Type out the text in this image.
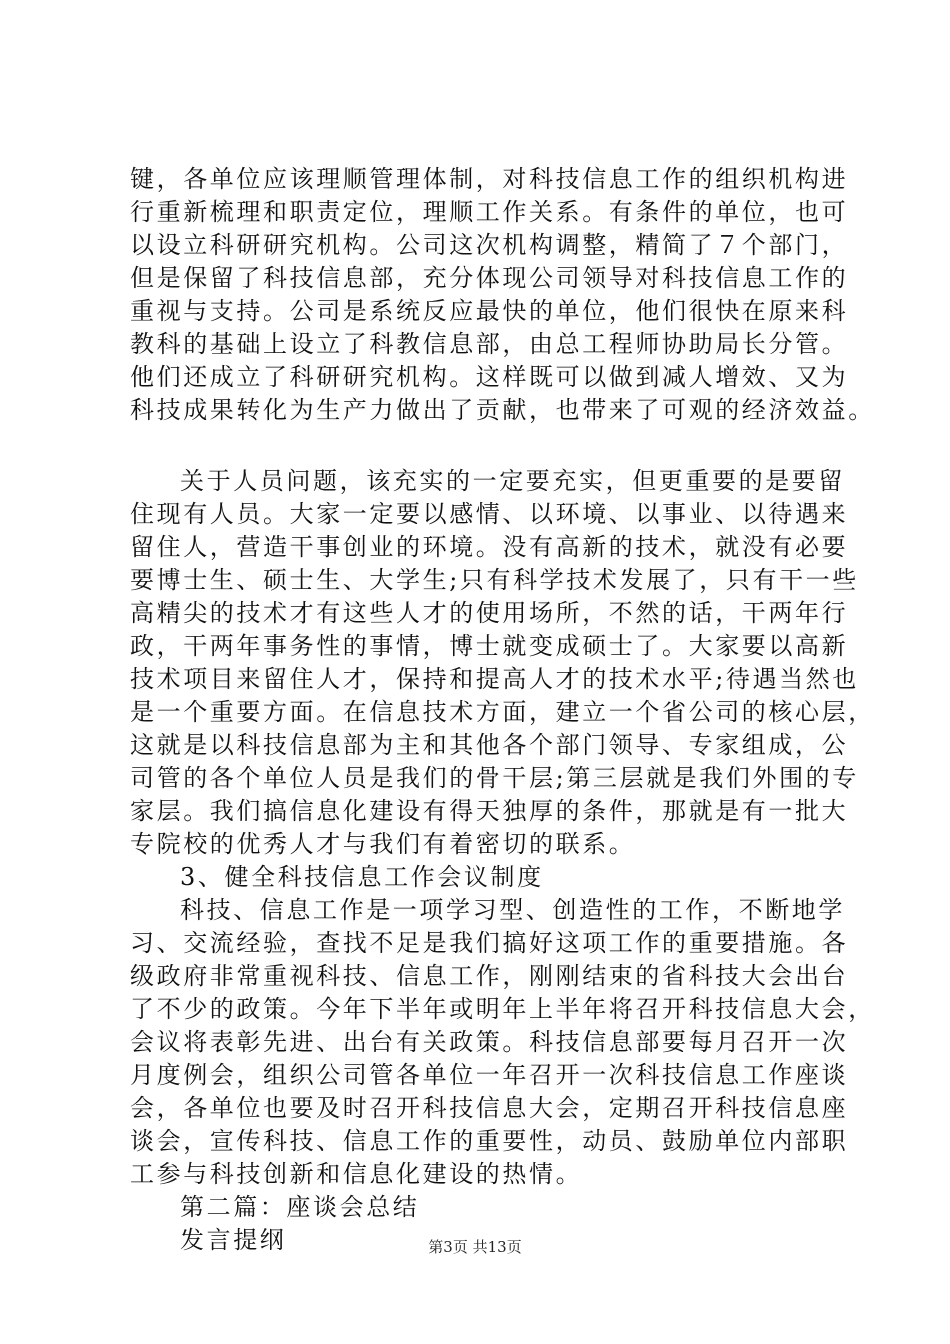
键，各单位应该理顺管理体制，对科技信息工作的组织机构进
行重新梳理和职责定位，理顺工作关系。有条件的单位，也可
以设立科研研究机构。公司这次机构调整，精简了７个部门，
但是保留了科技信息部，充分体现公司领导对科技信息工作的
重视与支持。公司是系统反应最快的单位，他们很快在原来科
教科的基础上设立了科教信息部，由总工程师协助局长分管。
他们还成立了科研研究机构。这样既可以做到减人增效、又为
科技成果转化为生产力做出了贡献，也带来了可观的经济效益。
关于人员问题，该充实的一定要充实，但更重要的是要留
住现有人员。大家一定要以感情、以环境、以事业、以待遇来
留住人，营造干事创业的环境。没有高新的技术，就没有必要
要博士生、硕士生、大学生;只有科学技术发展了，只有干一些
高精尖的技术才有这些人才的使用场所，不然的话，干两年行
政，干两年事务性的事情，博士就变成硕士了。大家要以高新
技术项目来留住人才，保持和提高人才的技术水平;待遇当然也
是一个重要方面。在信息技术方面，建立一个省公司的核心层，
这就是以科技信息部为主和其他各个部门领导、专家组成，公
司管的各个单位人员是我们的骨干层;第三层就是我们外围的专
家层。我们搞信息化建设有得天独厚的条件，那就是有一批大
专院校的优秀人才与我们有着密切的联系。
3、健全科技信息工作会议制度
科技、信息工作是一项学习型、创造性的工作，不断地学
习、交流经验，查找不足是我们搞好这项工作的重要措施。各
级政府非常重视科技、信息工作，刚刚结束的省科技大会出台
了不少的政策。今年下半年或明年上半年将召开科技信息大会，
会议将表彰先进、出台有关政策。科技信息部要每月召开一次
月度例会，组织公司管各单位一年召开一次科技信息工作座谈
会，各单位也要及时召开科技信息大会，定期召开科技信息座
谈会，宣传科技、信息工作的重要性，动员、鼓励单位内部职
工参与科技创新和信息化建设的热情。
第二篇：座谈会总结
发言提纲	第3页 共13页
